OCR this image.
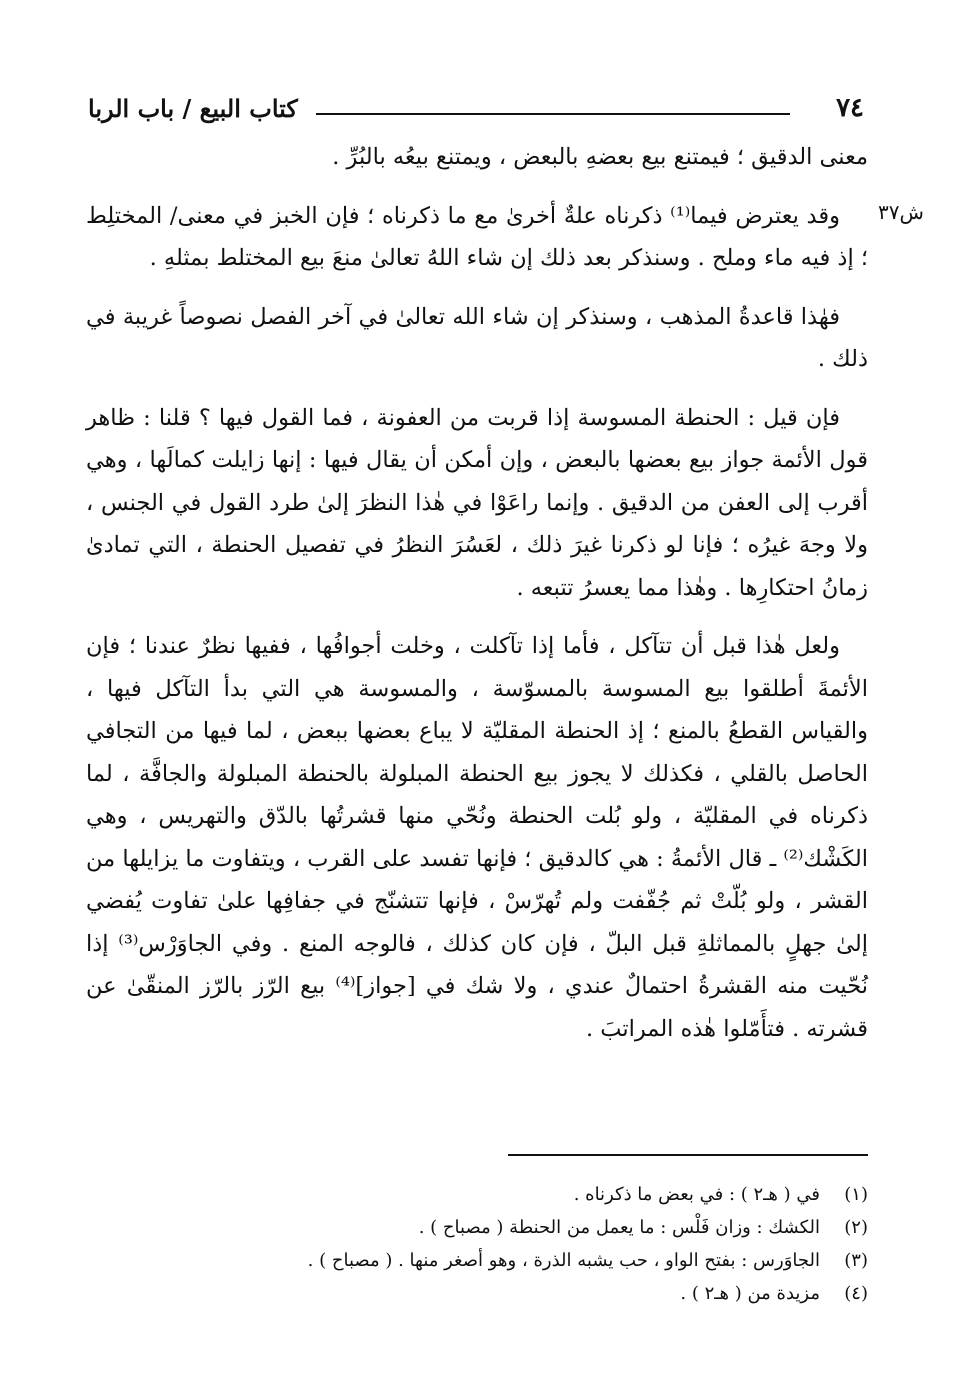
٧٤
كتاب البيع / باب الربا
ش٣٧

معنى الدقيق ؛ فيمتنع بيع بعضهِ بالبعض ، ويمتنع بيعُه بالبُرِّ .

وقد يعترض فيما⁽¹⁾ ذكرناه علةٌ أخرىٰ مع ما ذكرناه ؛ فإن الخبز في معنى/ المختلِط ؛ إذ فيه ماء وملح . وسنذكر بعد ذلك إن شاء اللهُ تعالىٰ منعَ بيع المختلط بمثلهِ .

فهٰذا قاعدةُ المذهب ، وسنذكر إن شاء الله تعالىٰ في آخر الفصل نصوصاً غريبة في ذلك .

فإن قيل : الحنطة المسوسة إذا قربت من العفونة ، فما القول فيها ؟ قلنا : ظاهر قول الأئمة جواز بيع بعضها بالبعض ، وإن أمكن أن يقال فيها : إنها زايلت كمالَها ، وهي أقرب إلى العفن من الدقيق . وإنما راعَوْا في هٰذا النظرَ إلىٰ طرد القول في الجنس ، ولا وجهَ غيرُه ؛ فإنا لو ذكرنا غيرَ ذلك ، لعَسُرَ النظرُ في تفصيل الحنطة ، التي تمادىٰ زمانُ احتكارِها . وهٰذا مما يعسرُ تتبعه .

ولعل هٰذا قبل أن تتآكل ، فأما إذا تآكلت ، وخلت أجوافُها ، ففيها نظرٌ عندنا ؛ فإن الأئمةَ أطلقوا بيع المسوسة بالمسوّسة ، والمسوسة هي التي بدأ التآكل فيها ، والقياس القطعُ بالمنع ؛ إذ الحنطة المقليّة لا يباع بعضها ببعض ، لما فيها من التجافي الحاصل بالقلي ، فكذلك لا يجوز بيع الحنطة المبلولة بالحنطة المبلولة والجافَّة ، لما ذكرناه في المقليّة ، ولو بُلت الحنطة ونُحّي منها قشرتُها بالدّق والتهريس ، وهي الكَشْك⁽²⁾ ـ قال الأئمةُ : هي كالدقيق ؛ فإنها تفسد على القرب ، ويتفاوت ما يزايلها من القشر ، ولو بُلّتْ ثم جُفّفت ولم تُهرّسْ ، فإنها تتشنّج في جفافِها علىٰ تفاوت يُفضي إلىٰ جهلٍ بالمماثلةِ قبل البلّ ، فإن كان كذلك ، فالوجه المنع . وفي الجاوَرْس⁽³⁾ إذا نُحّيت منه القشرةُ احتمالٌ عندي ، ولا شك في [جواز]⁽⁴⁾ بيع الرّز بالرّز المنقّىٰ عن قشرته . فتأَمّلوا هٰذه المراتبَ .

(١)
في ( هـ٢ ) : في بعض ما ذكرناه .
(٢)
الكشك : وزان فَلْس : ما يعمل من الحنطة ( مصباح ) .
(٣)
الجاوَرس : بفتح الواو ، حب يشبه الذرة ، وهو أصغر منها . ( مصباح ) .
(٤)
مزيدة من ( هـ٢ ) .
